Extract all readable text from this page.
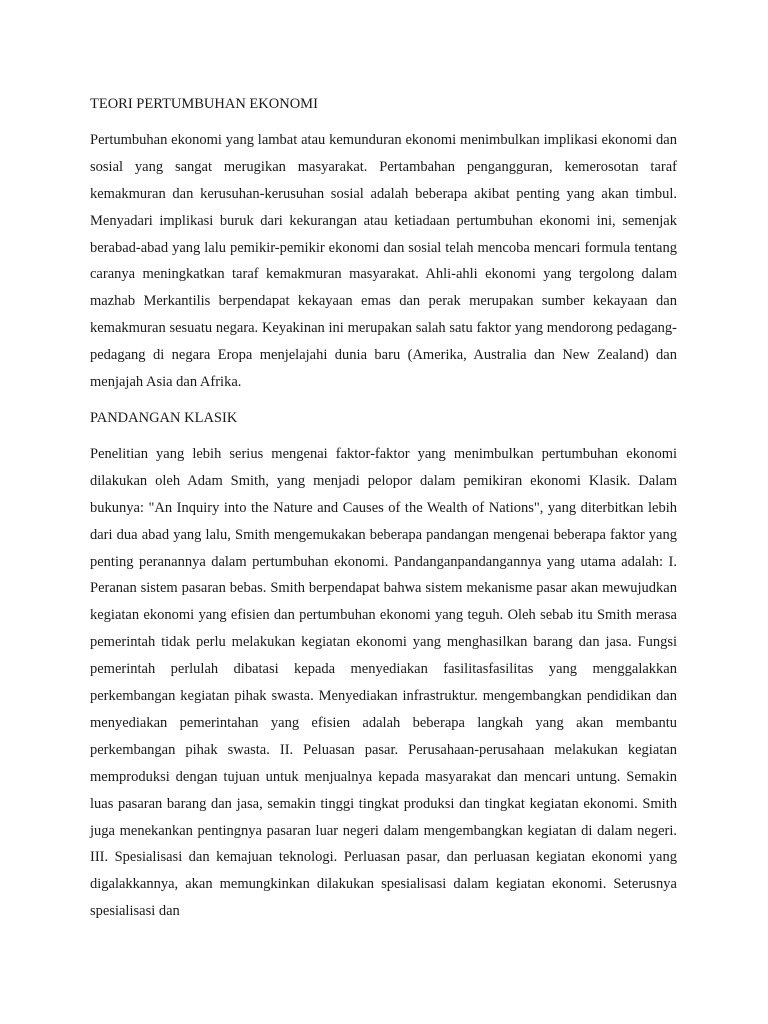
TEORI PERTUMBUHAN EKONOMI

Pertumbuhan ekonomi yang lambat atau kemunduran ekonomi menimbulkan implikasi ekonomi dan sosial yang sangat merugikan masyarakat. Pertambahan pengangguran, kemerosotan taraf kemakmuran dan kerusuhan-kerusuhan sosial adalah beberapa akibat penting yang akan timbul. Menyadari implikasi buruk dari kekurangan atau ketiadaan pertumbuhan ekonomi ini, semenjak berabad-abad yang lalu pemikir-pemikir ekonomi dan sosial telah mencoba mencari formula tentang caranya meningkatkan taraf kemakmuran masyarakat. Ahli-ahli ekonomi yang tergolong dalam mazhab Merkantilis berpendapat kekayaan emas dan perak merupakan sumber kekayaan dan kemakmuran sesuatu negara. Keyakinan ini merupakan salah satu faktor yang mendorong pedagang-pedagang di negara Eropa menjelajahi dunia baru (Amerika, Australia dan New Zealand) dan menjajah Asia dan Afrika.

PANDANGAN KLASIK

Penelitian yang lebih serius mengenai faktor-faktor yang menimbulkan pertumbuhan ekonomi dilakukan oleh Adam Smith, yang menjadi pelopor dalam pemikiran ekonomi Klasik. Dalam bukunya: "An Inquiry into the Nature and Causes of the Wealth of Nations", yang diterbitkan lebih dari dua abad yang lalu, Smith mengemukakan beberapa pandangan mengenai beberapa faktor yang penting peranannya dalam pertumbuhan ekonomi. Pandanganpandangannya yang utama adalah: I. Peranan sistem pasaran bebas. Smith berpendapat bahwa sistem mekanisme pasar akan mewujudkan kegiatan ekonomi yang efisien dan pertumbuhan ekonomi yang teguh. Oleh sebab itu Smith merasa pemerintah tidak perlu melakukan kegiatan ekonomi yang menghasilkan barang dan jasa. Fungsi pemerintah perlulah dibatasi kepada menyediakan fasilitasfasilitas yang menggalakkan perkembangan kegiatan pihak swasta. Menyediakan infrastruktur. mengembangkan pendidikan dan menyediakan pemerintahan yang efisien adalah beberapa langkah yang akan membantu perkembangan pihak swasta. II. Peluasan pasar. Perusahaan-perusahaan melakukan kegiatan memproduksi dengan tujuan untuk menjualnya kepada masyarakat dan mencari untung. Semakin luas pasaran barang dan jasa, semakin tinggi tingkat produksi dan tingkat kegiatan ekonomi. Smith juga menekankan pentingnya pasaran luar negeri dalam mengembangkan kegiatan di dalam negeri. III. Spesialisasi dan kemajuan teknologi. Perluasan pasar, dan perluasan kegiatan ekonomi yang digalakkannya, akan memungkinkan dilakukan spesialisasi dalam kegiatan ekonomi. Seterusnya spesialisasi dan
